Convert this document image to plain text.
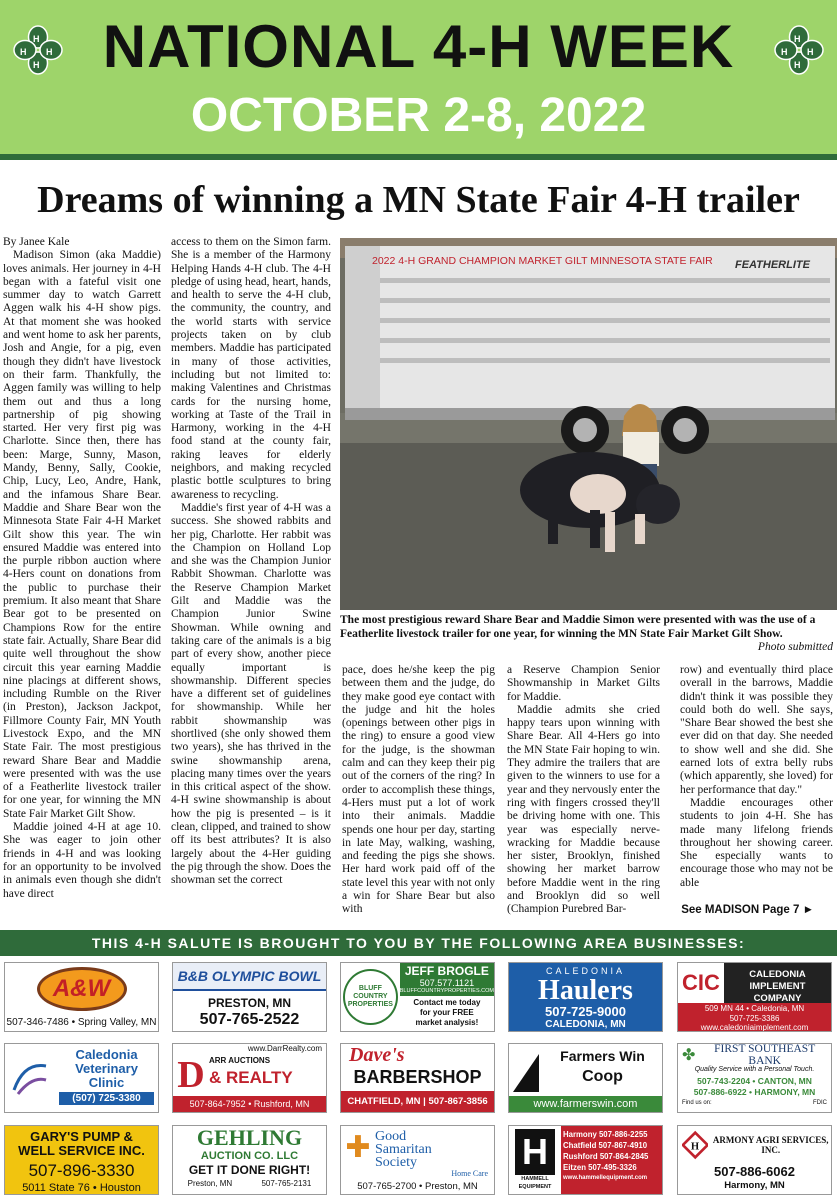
H
H
H H NATIONAL 4-H WEEK
OCTOBER 2-8, 2022
H
H
H H
Dreams of winning a MN State Fair 4-H trailer

By Janee Kale

Madison Simon (aka Maddie) loves animals. Her journey in 4-H began with a fateful visit one summer day to watch Garrett Aggen walk his 4-H show pigs. At that moment she was hooked and went home to ask her parents, Josh and Angie, for a pig, even though they didn't have livestock on their farm. Thankfully, the Aggen family was willing to help them out and thus a long partnership of pig showing started. Her very first pig was Charlotte. Since then, there has been: Marge, Sunny, Mason, Mandy, Benny, Sally, Cookie, Chip, Lucy, Leo, Andre, Hank, and the infamous Share Bear. Maddie and Share Bear won the Minnesota State Fair 4-H Market Gilt show this year. The win ensured Maddie was entered into the purple ribbon auction where 4-Hers count on donations from the public to purchase their premium. It also meant that Share Bear got to be presented on Champions Row for the entire state fair. Actually, Share Bear did quite well throughout the show circuit this year earning Maddie nine placings at different shows, including Rumble on the River (in Preston), Jackson Jackpot, Fillmore County Fair, MN Youth Livestock Expo, and the MN State Fair. The most prestigious reward Share Bear and Maddie were presented with was the use of a Featherlite livestock trailer for one year, for winning the MN State Fair Market Gilt Show.

Maddie joined 4-H at age 10. She was eager to join other friends in 4-H and was looking for an opportunity to be involved in animals even though she didn't have direct

access to them on the Simon farm. She is a member of the Harmony Helping Hands 4-H club. The 4-H pledge of using head, heart, hands, and health to serve the 4-H club, the community, the country, and the world starts with service projects taken on by club members. Maddie has participated in many of those activities, including but not limited to: making Valentines and Christmas cards for the nursing home, working at Taste of the Trail in Harmony, working in the 4-H food stand at the county fair, raking leaves for elderly neighbors, and making recycled plastic bottle sculptures to bring awareness to recycling.

Maddie's first year of 4-H was a success. She showed rabbits and her pig, Charlotte. Her rabbit was the Champion on Holland Lop and she was the Champion Junior Rabbit Showman. Charlotte was the Reserve Champion Market Gilt and Maddie was the Champion Junior Swine Showman. While owning and taking care of the animals is a big part of every show, another piece equally important is showmanship. Different species have a different set of guidelines for showmanship. While her rabbit showmanship was shortlived (she only showed them two years), she has thrived in the swine showmanship arena, placing many times over the years in this critical aspect of the show. 4-H swine showmanship is about how the pig is presented – is it clean, clipped, and trained to show off its best attributes? It is also largely about the 4-Her guiding the pig through the show. Does the showman set the correct

2022 4-H GRAND CHAMPION MARKET GILT MINNESOTA STATE FAIR FEATHERLITE
The most prestigious reward Share Bear and Maddie Simon were presented with was the use of a Featherlite livestock trailer for one year, for winning the MN State Fair Market Gilt Show.
Photo submitted

pace, does he/she keep the pig between them and the judge, do they make good eye contact with the judge and hit the holes (openings between other pigs in the ring) to ensure a good view for the judge, is the showman calm and can they keep their pig out of the corners of the ring? In order to accomplish these things, 4-Hers must put a lot of work into their animals. Maddie spends one hour per day, starting in late May, walking, washing, and feeding the pigs she shows. Her hard work paid off of the state level this year with not only a win for Share Bear but also with

a Reserve Champion Senior Showmanship in Market Gilts for Maddie.

Maddie admits she cried happy tears upon winning with Share Bear. All 4-Hers go into the MN State Fair hoping to win. They admire the trailers that are given to the winners to use for a year and they nervously enter the ring with fingers crossed they'll be driving home with one. This year was especially nerve-wracking for Maddie because her sister, Brooklyn, finished showing her market barrow before Maddie went in the ring and Brooklyn did so well (Champion Purebred Bar-

row) and eventually third place overall in the barrows, Maddie didn't think it was possible they could both do well. She says, "Share Bear showed the best she ever did on that day. She needed to show well and she did. She earned lots of extra belly rubs (which apparently, she loved) for her performance that day."

Maddie encourages other students to join 4-H. She has made many lifelong friends throughout her showing career. She especially wants to encourage those who may not be able

See MADISON Page 7 ►
THIS 4-H SALUTE IS BROUGHT TO YOU BY THE FOLLOWING AREA BUSINESSES:
A&W
507-346-7486 • Spring Valley, MN
B&B OLYMPIC BOWL
PRESTON, MN
507-765-2522
BLUFF COUNTRY PROPERTIES
JEFF BROGLE
507.577.1121
BLUFFCOUNTRYPROPERTIES.COM
Contact me today
for your FREE
market analysis!
CALEDONIA
Haulers
507-725-9000
CALEDONIA, MN
CIC	CALEDONIA IMPLEMENT
COMPANY
509 MN 44 • Caledonia, MN
507-725-3386
www.caledoniaimplement.com
Caledonia
Veterinary
Clinic
(507) 725-3380
www.DarrRealty.com
D ARR AUCTIONS
& REALTY
507-864-7952 • Rushford, MN
Dave's
BARBERSHOP
CHATFIELD, MN | 507-867-3856
Farmers Win
Coop
www.farmerswin.com
✤	FIRST SOUTHEAST BANK
Quality Service with a Personal Touch.
507-743-2204 • CANTON, MN
507-886-6922 • HARMONY, MN
Find us on:	FDIC
GARY'S PUMP &
WELL SERVICE INC.
507-896-3330
5011 State 76 • Houston
GEHLING
AUCTION CO. LLC
GET IT DONE RIGHT!
Preston, MN	507-765-2131
✚ Good
Samaritan
Society
Home Care
507-765-2700 • Preston, MN
H
HAMMELL EQUIPMENT
Harmony 507-886-2255
Chatfield 507-867-4910
Rushford 507-864-2845
Eitzen 507-495-3326
www.hammellequipment.com
H
ARMONY AGRI SERVICES, INC.
507-886-6062
Harmony, MN
